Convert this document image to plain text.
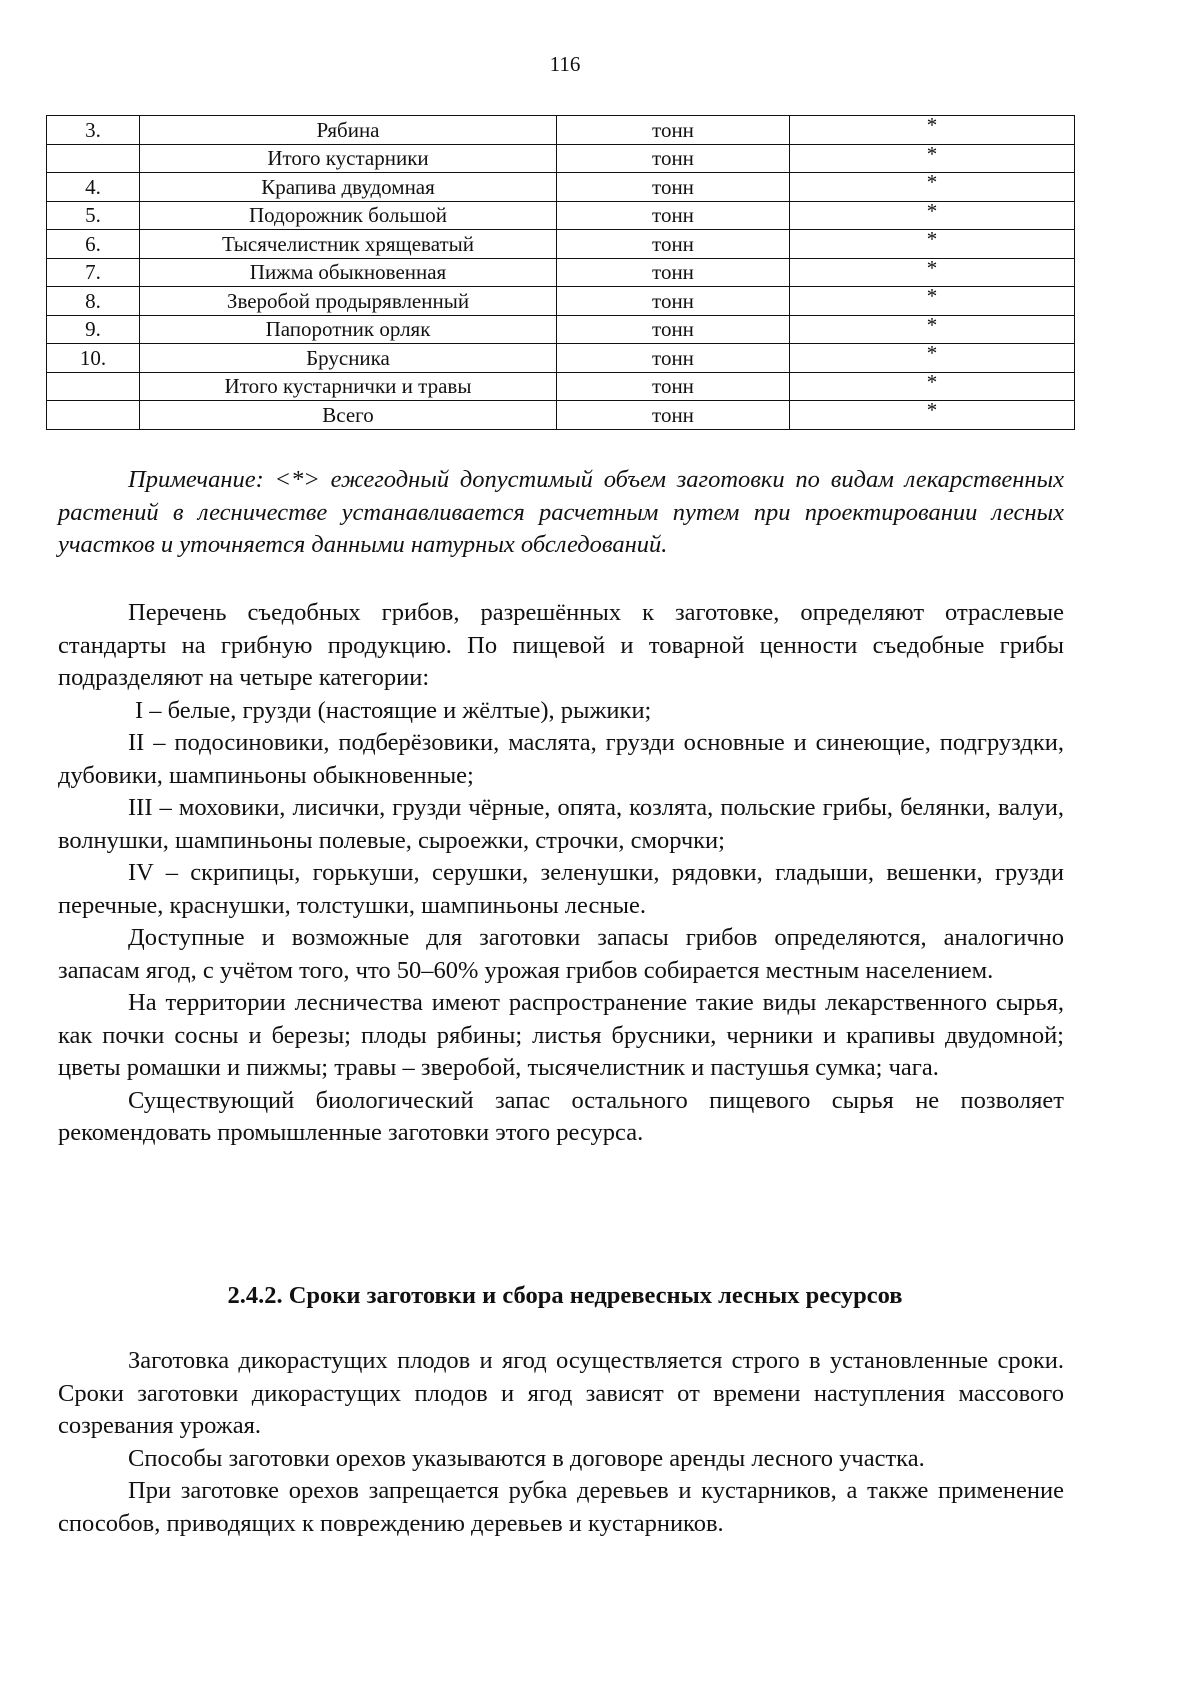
116
3.	Рябина	тонн	*
	Итого кустарники	тонн	*
4.	Крапива двудомная	тонн	*
5.	Подорожник большой	тонн	*
6.	Тысячелистник хрящеватый	тонн	*
7.	Пижма обыкновенная	тонн	*
8.	Зверобой продырявленный	тонн	*
9.	Папоротник орляк	тонн	*
10.	Брусника	тонн	*
	Итого кустарнички и травы	тонн	*
	Всего	тонн	*

Примечание: <*> ежегодный допустимый объем заготовки по видам лекарственных растений в лесничестве устанавливается расчетным путем при проектировании лесных участков и уточняется данными натурных обследований.

Перечень съедобных грибов, разрешённых к заготовке, определяют отраслевые стандарты на грибную продукцию. По пищевой и товарной ценности съедобные грибы подразделяют на четыре категории:

I – белые, грузди (настоящие и жёлтые), рыжики;

II – подосиновики, подберёзовики, маслята, грузди основные и синеющие, подгруздки, дубовики, шампиньоны обыкновенные;

III – моховики, лисички, грузди чёрные, опята, козлята, польские грибы, белянки, валуи, волнушки, шампиньоны полевые, сыроежки, строчки, сморчки;

IV – скрипицы, горькуши, серушки, зеленушки, рядовки, гладыши, вешенки, грузди перечные, краснушки, толстушки, шампиньоны лесные.

Доступные и возможные для заготовки запасы грибов определяются, аналогично запасам ягод, с учётом того, что 50–60% урожая грибов собирается местным населением.

На территории лесничества имеют распространение такие виды лекарственного сырья, как почки сосны и березы; плоды рябины; листья брусники, черники и крапивы двудомной; цветы ромашки и пижмы; травы – зверобой, тысячелистник и пастушья сумка; чага.

Существующий биологический запас остального пищевого сырья не позволяет рекомендовать промышленные заготовки этого ресурса.

2.4.2. Сроки заготовки и сбора недревесных лесных ресурсов

Заготовка дикорастущих плодов и ягод осуществляется строго в установленные сроки. Сроки заготовки дикорастущих плодов и ягод зависят от времени наступления массового созревания урожая.

Способы заготовки орехов указываются в договоре аренды лесного участка.

При заготовке орехов запрещается рубка деревьев и кустарников, а также применение способов, приводящих к повреждению деревьев и кустарников.
